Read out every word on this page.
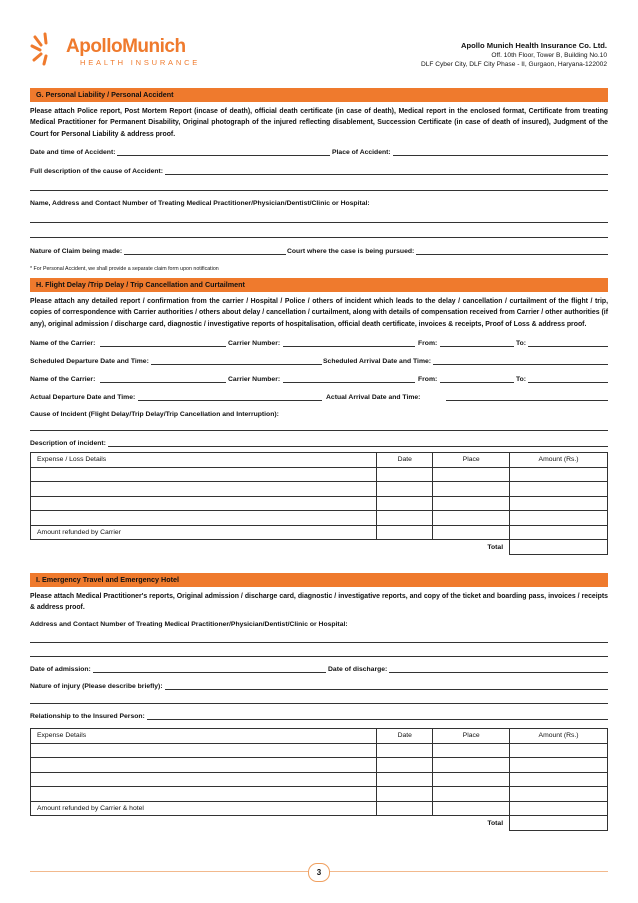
ApolloMunich
HEALTH INSURANCE
Apollo Munich Health Insurance Co. Ltd.
Off. 10th Floor, Tower B, Building No.10
DLF Cyber City, DLF City Phase - II, Gurgaon, Haryana-122002
G. Personal Liability / Personal Accident
Please attach Police report, Post Mortem Report (incase of death), official death certificate (in case of death), Medical report in the enclosed format, Certificate from treating Medical Practitioner for Permanent Disability, Original photograph of the injured reflecting disablement, Succession Certificate (in case of death of insured), Judgment of the Court for Personal Liability & address proof.
Date and time of Accident:	Place of Accident:
Full description of the cause of Accident:
Name, Address and Contact Number of Treating Medical Practitioner/Physician/Dentist/Clinic or Hospital:
Nature of Claim being made:	Court where the case is being pursued:
* For Personal Accident, we shall provide a separate claim form upon notification
H. Flight Delay /Trip Delay / Trip Cancellation and Curtailment
Please attach any detailed report / confirmation from the carrier / Hospital / Police / others of incident which leads to the delay / cancellation / curtailment of the flight / trip, copies of correspondence with Carrier authorities / others about delay / cancellation / curtailment, along with details of compensation received from Carrier / other authorities (if any), original admission / discharge card, diagnostic / investigative reports of hospitalisation, official death certificate, invoices & receipts, Proof of Loss & address proof.
Name of the Carrier:	Carrier Number:	From:	To:
Scheduled Departure Date and Time:	Scheduled Arrival Date and Time:
Name of the Carrier:	Carrier Number:	From:	To:
Actual Departure Date and Time:	Actual Arrival Date and Time:
Cause of Incident (Flight Delay/Trip Delay/Trip Cancellation and Interruption):
Description of incident:
Expense / Loss Details	Date	Place	Amount (Rs.)

Amount refunded by Carrier			
Total			
I. Emergency Travel and Emergency Hotel
Please attach Medical Practitioner's reports, Original admission / discharge card, diagnostic / investigative reports, and copy of the ticket and boarding pass, invoices / receipts & address proof.
Address and Contact Number of Treating Medical Practitioner/Physician/Dentist/Clinic or Hospital:
Date of admission:	Date of discharge:
Nature of injury (Please describe briefly):
Relationship to the Insured Person:
Expense Details	Date	Place	Amount (Rs.)

Amount refunded by Carrier & hotel			
Total			
3
